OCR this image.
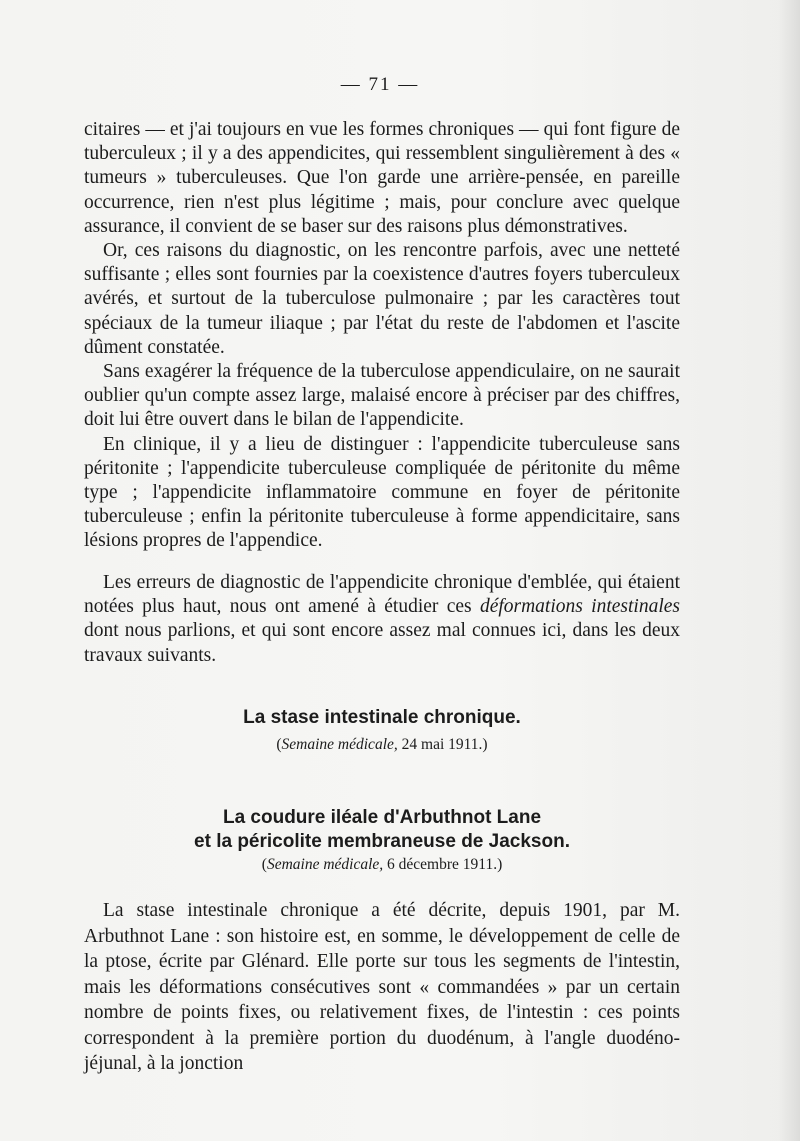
— 71 —

citaires — et j'ai toujours en vue les formes chroniques — qui font figure de tuberculeux ; il y a des appendicites, qui ressemblent singulièrement à des « tumeurs » tuberculeuses. Que l'on garde une arrière-pensée, en pareille occurrence, rien n'est plus légitime ; mais, pour conclure avec quelque assurance, il convient de se baser sur des raisons plus démonstratives.

Or, ces raisons du diagnostic, on les rencontre parfois, avec une netteté suffisante ; elles sont fournies par la coexistence d'autres foyers tuberculeux avérés, et surtout de la tuberculose pulmonaire ; par les caractères tout spéciaux de la tumeur iliaque ; par l'état du reste de l'abdomen et l'ascite dûment constatée.

Sans exagérer la fréquence de la tuberculose appendiculaire, on ne saurait oublier qu'un compte assez large, malaisé encore à préciser par des chiffres, doit lui être ouvert dans le bilan de l'appendicite.

En clinique, il y a lieu de distinguer : l'appendicite tuberculeuse sans péritonite ; l'appendicite tuberculeuse compliquée de péritonite du même type ; l'appendicite inflammatoire commune en foyer de péritonite tuberculeuse ; enfin la péritonite tuberculeuse à forme appendicitaire, sans lésions propres de l'appendice.

Les erreurs de diagnostic de l'appendicite chronique d'emblée, qui étaient notées plus haut, nous ont amené à étudier ces déformations intestinales dont nous parlions, et qui sont encore assez mal connues ici, dans les deux travaux suivants.

La stase intestinale chronique.
(Semaine médicale, 24 mai 1911.)
La coudure iléale d'Arbuthnot Lane
et la péricolite membraneuse de Jackson.
(Semaine médicale, 6 décembre 1911.)

La stase intestinale chronique a été décrite, depuis 1901, par M. Arbuthnot Lane : son histoire est, en somme, le développement de celle de la ptose, écrite par Glénard. Elle porte sur tous les segments de l'intestin, mais les déformations consécutives sont « commandées » par un certain nombre de points fixes, ou relativement fixes, de l'intestin : ces points correspondent à la première portion du duodénum, à l'angle duodéno-jéjunal, à la jonction
